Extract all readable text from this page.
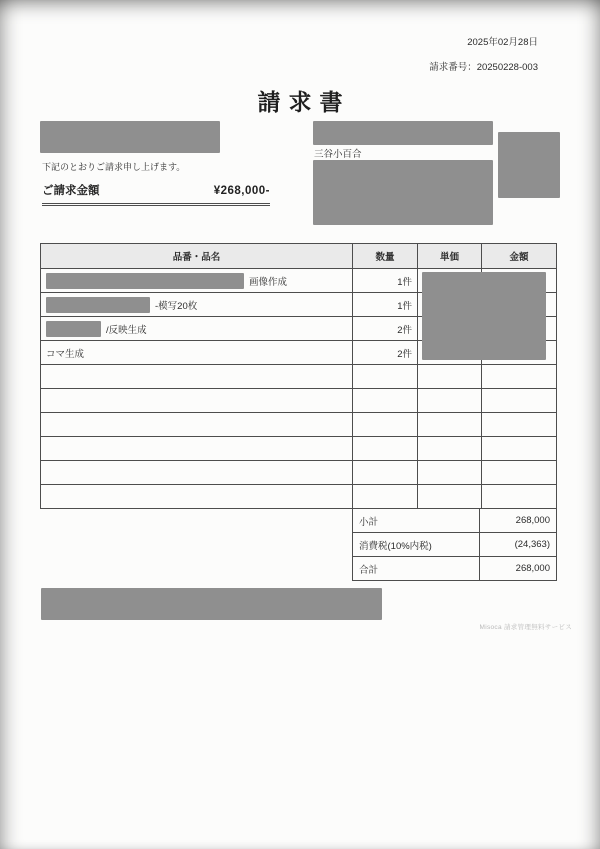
2025年02月28日
請求番号：20250228-003
請求書
下記のとおりご請求申し上げます。
ご請求金額	¥268,000-
三谷小百合
品番・品名	数量	単価	金額

画像作成	1件		

-模写20枚	1件		

/反映生成	2件		

コマ生成	2件		

小計	268,000
消費税(10%内税)	(24,363)
合計	268,000
Misoca 請求管理無料サービス
